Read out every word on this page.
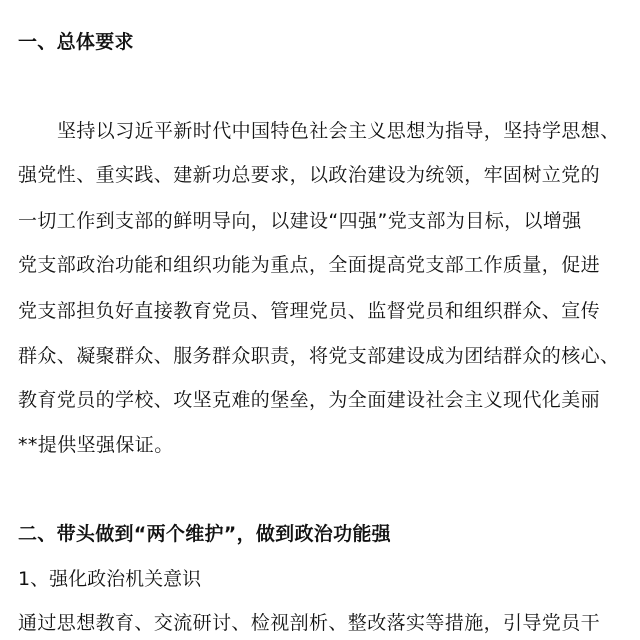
一、总体要求
坚持以习近平新时代中国特色社会主义思想为指导，坚持学思想、
强党性、重实践、建新功总要求，以政治建设为统领，牢固树立党的
一切工作到支部的鲜明导向，以建设“四强”党支部为目标，以增强
党支部政治功能和组织功能为重点，全面提高党支部工作质量，促进
党支部担负好直接教育党员、管理党员、监督党员和组织群众、宣传
群众、凝聚群众、服务群众职责，将党支部建设成为团结群众的核心、
教育党员的学校、攻坚克难的堡垒，为全面建设社会主义现代化美丽
**提供坚强保证。
二、带头做到“两个维护”，做到政治功能强
1、强化政治机关意识
通过思想教育、交流研讨、检视剖析、整改落实等措施，引导党员干
